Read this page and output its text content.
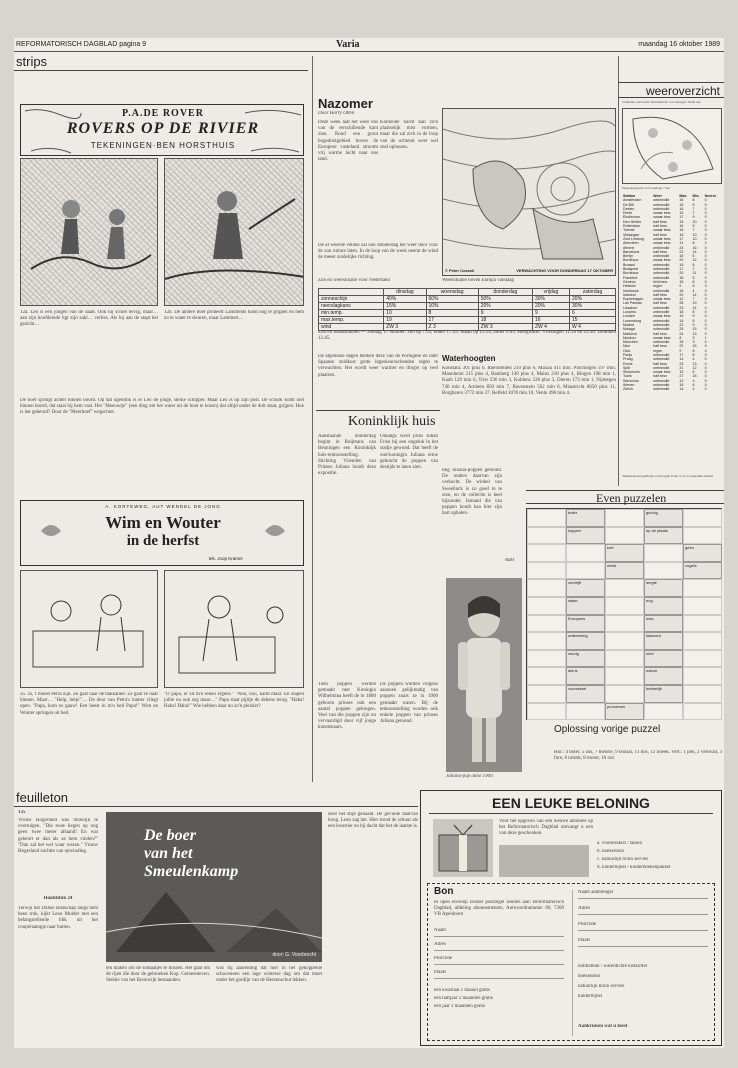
REFORMATORISCH DAGBLAD pagina 9	Varia	maandag 16 oktober 1989
strips
P.A.DE ROVER
ROVERS OP DE RIVIER
TEKENINGEN·BEN HORSTHUIS
12a. Leo is een jongen van de daad. Ook hij schiet hevig, maar… aan zijn hoofdeinde ligt zijn zakl… verlies. Als hij aan de stapt het gezicht…
12b. De andere boef probeert Lamments hand nog te grijpen en hem zo te water te sleuren, maar Lammert…
De boef springt achter binnen boord. Op dat ogenblik is er Leo de jonge, sterke schipper. Maar Leo is op zijn post. De schurk komt niet binnen boord, dat staat hij hem vast. Het "Meeuwtje" (een ding om het water uit de boot te hozen) dat altijd onder de dolt staat, grijpen. Hoe is het gebeurd? Door de "Meerhoef" wegschiet.
A. KORTEWEG, AUT WENDEL DE JONG
Wim en Wouter
in de herfst
tek. Joop Kramer
35. Ja, 't moest Petra zijn. Ze gaat naar de bakkamer. Ze gaat ze naar binnen. Maar… "Help, help!"… De deur van Petra's kamer vliegt open. "Papa, kom es gauw! Een beest in m'n bed Papa!" Wim en Wouter springen uit bed.
"O papa, er zit m'n teken ergens." "Nou, nou, kalm maar. En slapen jullie nu ook zeg maar…" Papa staat pijltje de dekens terug. "Haha! Haha! Haha!" Wie hebben daar nu zo'n pleizier?
feuilleton
135
Vrouw Hogerland was moeilijk te overtuigen. "Die twee liegen op nog geen twee meter afstand! En wat gebeurt er dan als ze hem vinden?" "Dan zal het wel waar wezen." Vrouw Hogerland zuchtte van opwinding.
Hoofdstuk 24
Terwijl het Duitse landschap langs hem heen trok, kijkt Leon Mulder met een belangstellende blik uit het coupéraampje naar buiten.
De boer
van het
Smeulenkamp
door: G. Voorbrecht
ten maken om de soldaatjes te missen. Het gaat om de rijen die door de gebroeken Kop. Gemeenteven. Stekke van het Boonwijk bestaanden.
was hij aanleiding dat hier in het gekoppelde schoorsteen een lage winterse dag om dat moet onder het gordijn van de Hessenschut lekken.
door het stijk gehaald. De gevulde daarvan hoog. Leon zag het. Hier stond de schuur als een kwartier en hij dacht dat het de laatste is.
Nazomer
Door Harry Otten
Deze week laat het weer ons van de verschillende kant zien. Rond een groot hogedrukgebied boven de Europese vasteland stroomt vrij warme lucht naar ons land.
Komende nacht kan zich plaatselijk mist vormen, maar die zal zich in de loop van de ochtend weer wel snel oplossen.
De af weerde velden zal ook donderdag het weer door voor de zon ruimte laten. In de loop van de week neemt de wind de meest zuidelijke richting.
© Peter Cossell	VERWACHTING VOOR DONDERDAG 17 OKTOBER
Weersituatie boven Europa vandaag
Zon en weersituatie voor Nederland
	dinsdag	woensdag	donderdag	vrijdag	zaterdag
zonneschijn	40%	60%	50%	30%	20%
neerslagkans	15%	10%	20%	20%	30%
min.temp.	10	8	9	9	6
max.temp.	19	17	18	16	15
wind	ZW 3	Z 3	ZW 3	ZW 4	W 4
Zon en maanstanden — zondag 17 oktober: zon op 7.55, onder 17.43. Maan op 15.14, onder 0.03. Hoogwater: Vlissingen 11.39 en 23.56. IJmuiden 12.45.
De algemene dagen hebben deze van de Portugese en later Spaanse zuidkust grote ingenieursschenden regen te verwachten. Het wordt weer warmer en droger op veel plaatsen.
Waterhoogten
Konstanz 301 plus 0, Rheinfelden 210 plus 6, Maxau 411 min. Plochingen 197 min. Mannheim 215 plus 4, Bamberg 130 plus 4, Mainz 218 plus 4, Bingen 198 min 1, Kaub 120 min 6, Trier 236 min 3, Koblenz 228 plus 3, Dieren 173 min 1, Nijmegen 740 min 4, Arnhem 850 min 7, Ravenstein 562 min 6, Maastricht 8650 plus 11, Borgharen 3772 min 37, Belfeld 1078 min 10, Venlo 496 min 4.
Koninklijk huis
Aanstaande donderdag begint in Boijmans van Beuningen een Koninklijk huis-tentoonstelling. Stichting Vrienden van Prinses Juliana houdt deze expositie.
Onlangs werd prins Johan Friso bij een ongeluk in het stadje gewond. Dat heeft de oud-koningin Juliana ertoe gebracht de poppen van destijds te laten zien.
Toen poppen werden gemaakt met Koningin Wilhelmina heeft de in 1880 geboren prinses ook een aantal poppen gekregen. Veel van die poppen zijn nu vervaardigd door vijf jonge kunstenaars.
De poppen worden volgens aanzoek gelijkmatig van poppen zoals ze in 1900 gemaakt waren. Bij de tentoonstelling worden ook enkele poppen van prinses Juliana getoond.
ting Juliana-poppen getoond. De ouders daarvan zijn verkocht. De winkel van Sweelinck is zo goed in te zien, en de collectie is heel bijzonder. Iemand die van poppen houdt kan hier zijn hart ophalen.
AdH
Juliana-pop anno 1909.
weeroverzicht
Vannacht verwacht: Weerbericht voor morgen 19.00 uur
Weersgegevens van vandaag 7 uur
Station	Weer	Max.	Min.	Neersl.
Amsterdam	onbewolkt	16	8	0
De Bilt	onbewolkt	16	6	0
Deelen	onbewolkt	16	7	0
Eelde	zwaar bew.	15	7	0
Eindhoven	zwaar bew.	17	9	0
Den Helder	half bew.	15	10	0
Rotterdam	half bew.	16	9	0
Twente	zwaar bew.	16	7	0
Vlissingen	half bew.	16	10	0
Zuid Limburg	zwaar bew.	17	10	0
Aberdeen	zwaar bew.	11	8	2
Athene	onbewolkt	24	16	0
Barcelona	half bew.	22	14	0
Berlijn	onbewolkt	16	6	0
Bordeaux	zwaar bew.	20	12	0
Brussel	onbewolkt	16	8	0
Budapest	onbewolkt	17	7	0
Bordeaux	onbewolkt	20	11	0
Frankfurt	onbewolkt	16	5	0
Genève	licht bew.	15	6	0
Helsinki	regen	9	6	3
Innsbruck	onbewolkt	16	4	0
Istanbul	half bew.	20	14	0
Kopenhagen	zwaar bew.	12	7	0
Las Palmas	half bew.	26	19	0
Lissabon	onbewolkt	23	14	0
Locarno	onbewolkt	18	8	0
Londen	zwaar bew.	15	9	0
Luxemburg	onbewolkt	14	5	0
Madrid	onbewolkt	22	9	0
Malaga	onbewolkt	25	15	0
Mallorca	half bew.	24	13	0
Moskou	zwaar bew.	8	3	1
München	onbewolkt	15	3	0
Nice	half bew.	22	15	0
Oslo	regen	9	6	4
Parijs	onbewolkt	17	8	0
Praag	onbewolkt	14	4	0
Rome	half bew.	23	13	0
Split	onbewolkt	21	12	0
Stockholm	zwaar bew.	10	5	0
Tunis	half bew.	27	18	0
Warschau	onbewolkt	12	3	0
Wenen	onbewolkt	15	6	0
Zürich	onbewolkt	14	4	0
Temperaturen gemeten tot morgen 8 uur voor voorgaande etmaal
Even puzzelen
boter	gevolg
koppen	op de plaats
kort	geen
winst	vogels
verdrijft	lengte
water	nog
Europees	mes
ontkenning	lidwoord
zeurig	nimf
dat is	natuur
voorzetsel	hebbelijk
pronomen
Oplossing vorige puzzel
Hor.: 4 boter, 5 zus, 7 theorie, 9 bonsai, 11 bos, 12 Sneek. Vert.: 1 pen, 2 vertwad, 3 fure, 6 tolsnit, 8 motor, 10 oor.
EEN LEUKE BELONING
Voor het opgeven van een nieuwe abonnee op het Reformatorisch Dagblad ontvangt u een van deze geschenken.
a. voorleeskist / tassen
b. boekenbon
c. natuurlijk bruin servies
d. kinderbijbel / kinderboekenpakket
Bon
In open envelop zonder postzegel zenden aan: Reformatorisch Dagblad, afdeling abonnementen, Antwoordnummer 66, 7300 VB Apeldoorn
Naam
Adres
Postcode
Plaats
een kwartaal 1 maand gratis
een halfjaar 2 maanden gratis
een jaar 3 maanden gratis
Naam aanbrenger
Adres
Postcode
Plaats
notitieblok / waterdichte kistkoffer
boekenbon
natuurlijk bruin servies
kinderbijbel
Aankruisen wat u kiest
